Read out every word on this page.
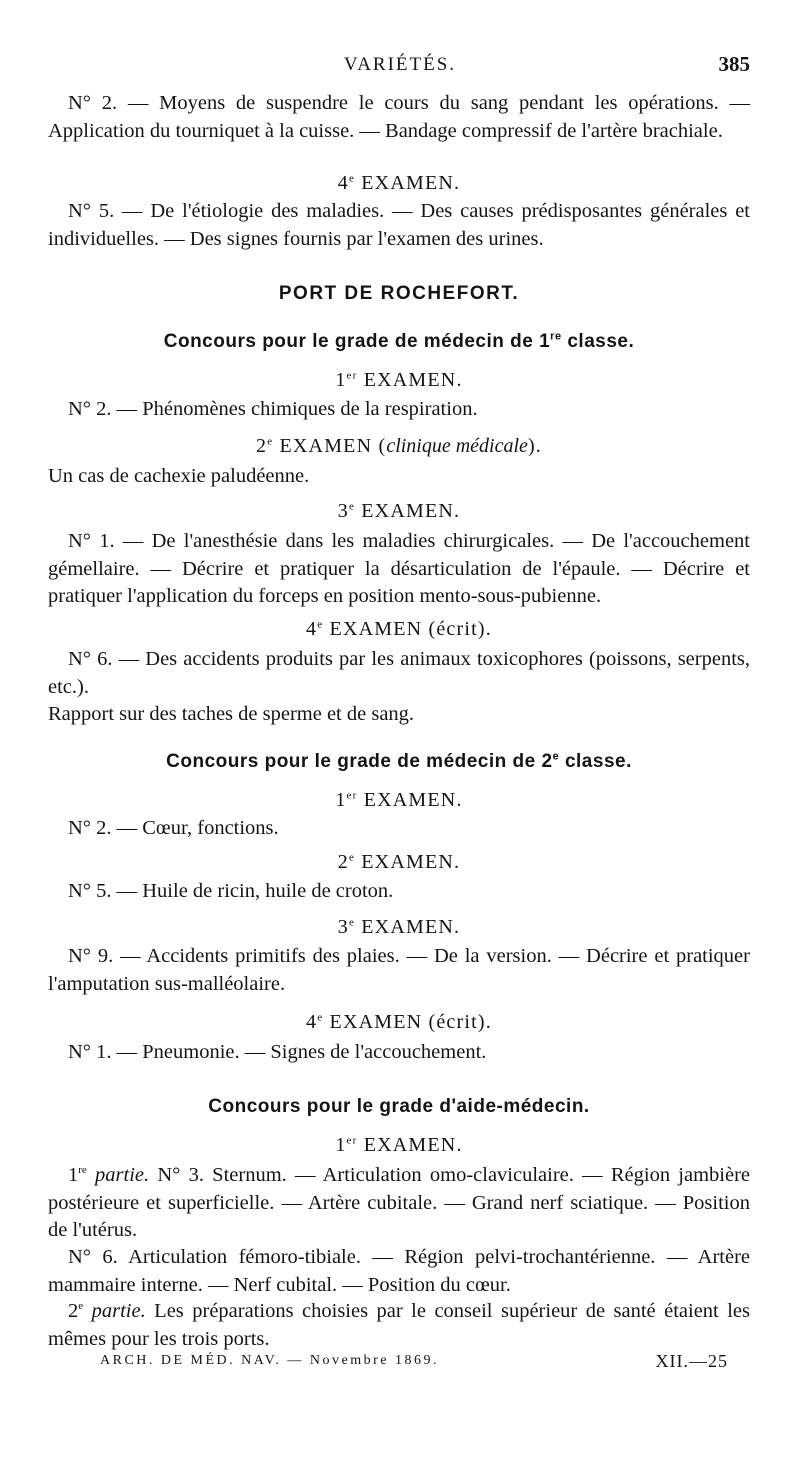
VARIÉTÉS.	385

N° 2. — Moyens de suspendre le cours du sang pendant les opérations. — Application du tourniquet à la cuisse. — Bandage compressif de l'artère brachiale.

4e EXAMEN.

N° 5. — De l'étiologie des maladies. — Des causes prédisposantes générales et individuelles. — Des signes fournis par l'examen des urines.

PORT DE ROCHEFORT.
Concours pour le grade de médecin de 1re classe.
1er EXAMEN.

N° 2. — Phénomènes chimiques de la respiration.

2e EXAMEN (clinique médicale).

Un cas de cachexie paludéenne.

3e EXAMEN.

N° 1. — De l'anesthésie dans les maladies chirurgicales. — De l'accouchement gémellaire. — Décrire et pratiquer la désarticulation de l'épaule. — Décrire et pratiquer l'application du forceps en position mento-sous-pubienne.

4e EXAMEN (écrit).

N° 6. — Des accidents produits par les animaux toxicophores (poissons, serpents, etc.).

Rapport sur des taches de sperme et de sang.

Concours pour le grade de médecin de 2e classe.
1er EXAMEN.

N° 2. — Cœur, fonctions.

2e EXAMEN.

N° 5. — Huile de ricin, huile de croton.

3e EXAMEN.

N° 9. — Accidents primitifs des plaies. — De la version. — Décrire et pratiquer l'amputation sus-malléolaire.

4e EXAMEN (écrit).

N° 1. — Pneumonie. — Signes de l'accouchement.

Concours pour le grade d'aide-médecin.
1er EXAMEN.

1re partie. N° 3. Sternum. — Articulation omo-claviculaire. — Région jambière postérieure et superficielle. — Artère cubitale. — Grand nerf sciatique. — Position de l'utérus.

N° 6. Articulation fémoro-tibiale. — Région pelvi-trochantérienne. — Artère mammaire interne. — Nerf cubital. — Position du cœur.

2e partie. Les préparations choisies par le conseil supérieur de santé étaient les mêmes pour les trois ports.

ARCH. DE MÉD. NAV. — Novembre 1869.	XII.—25
